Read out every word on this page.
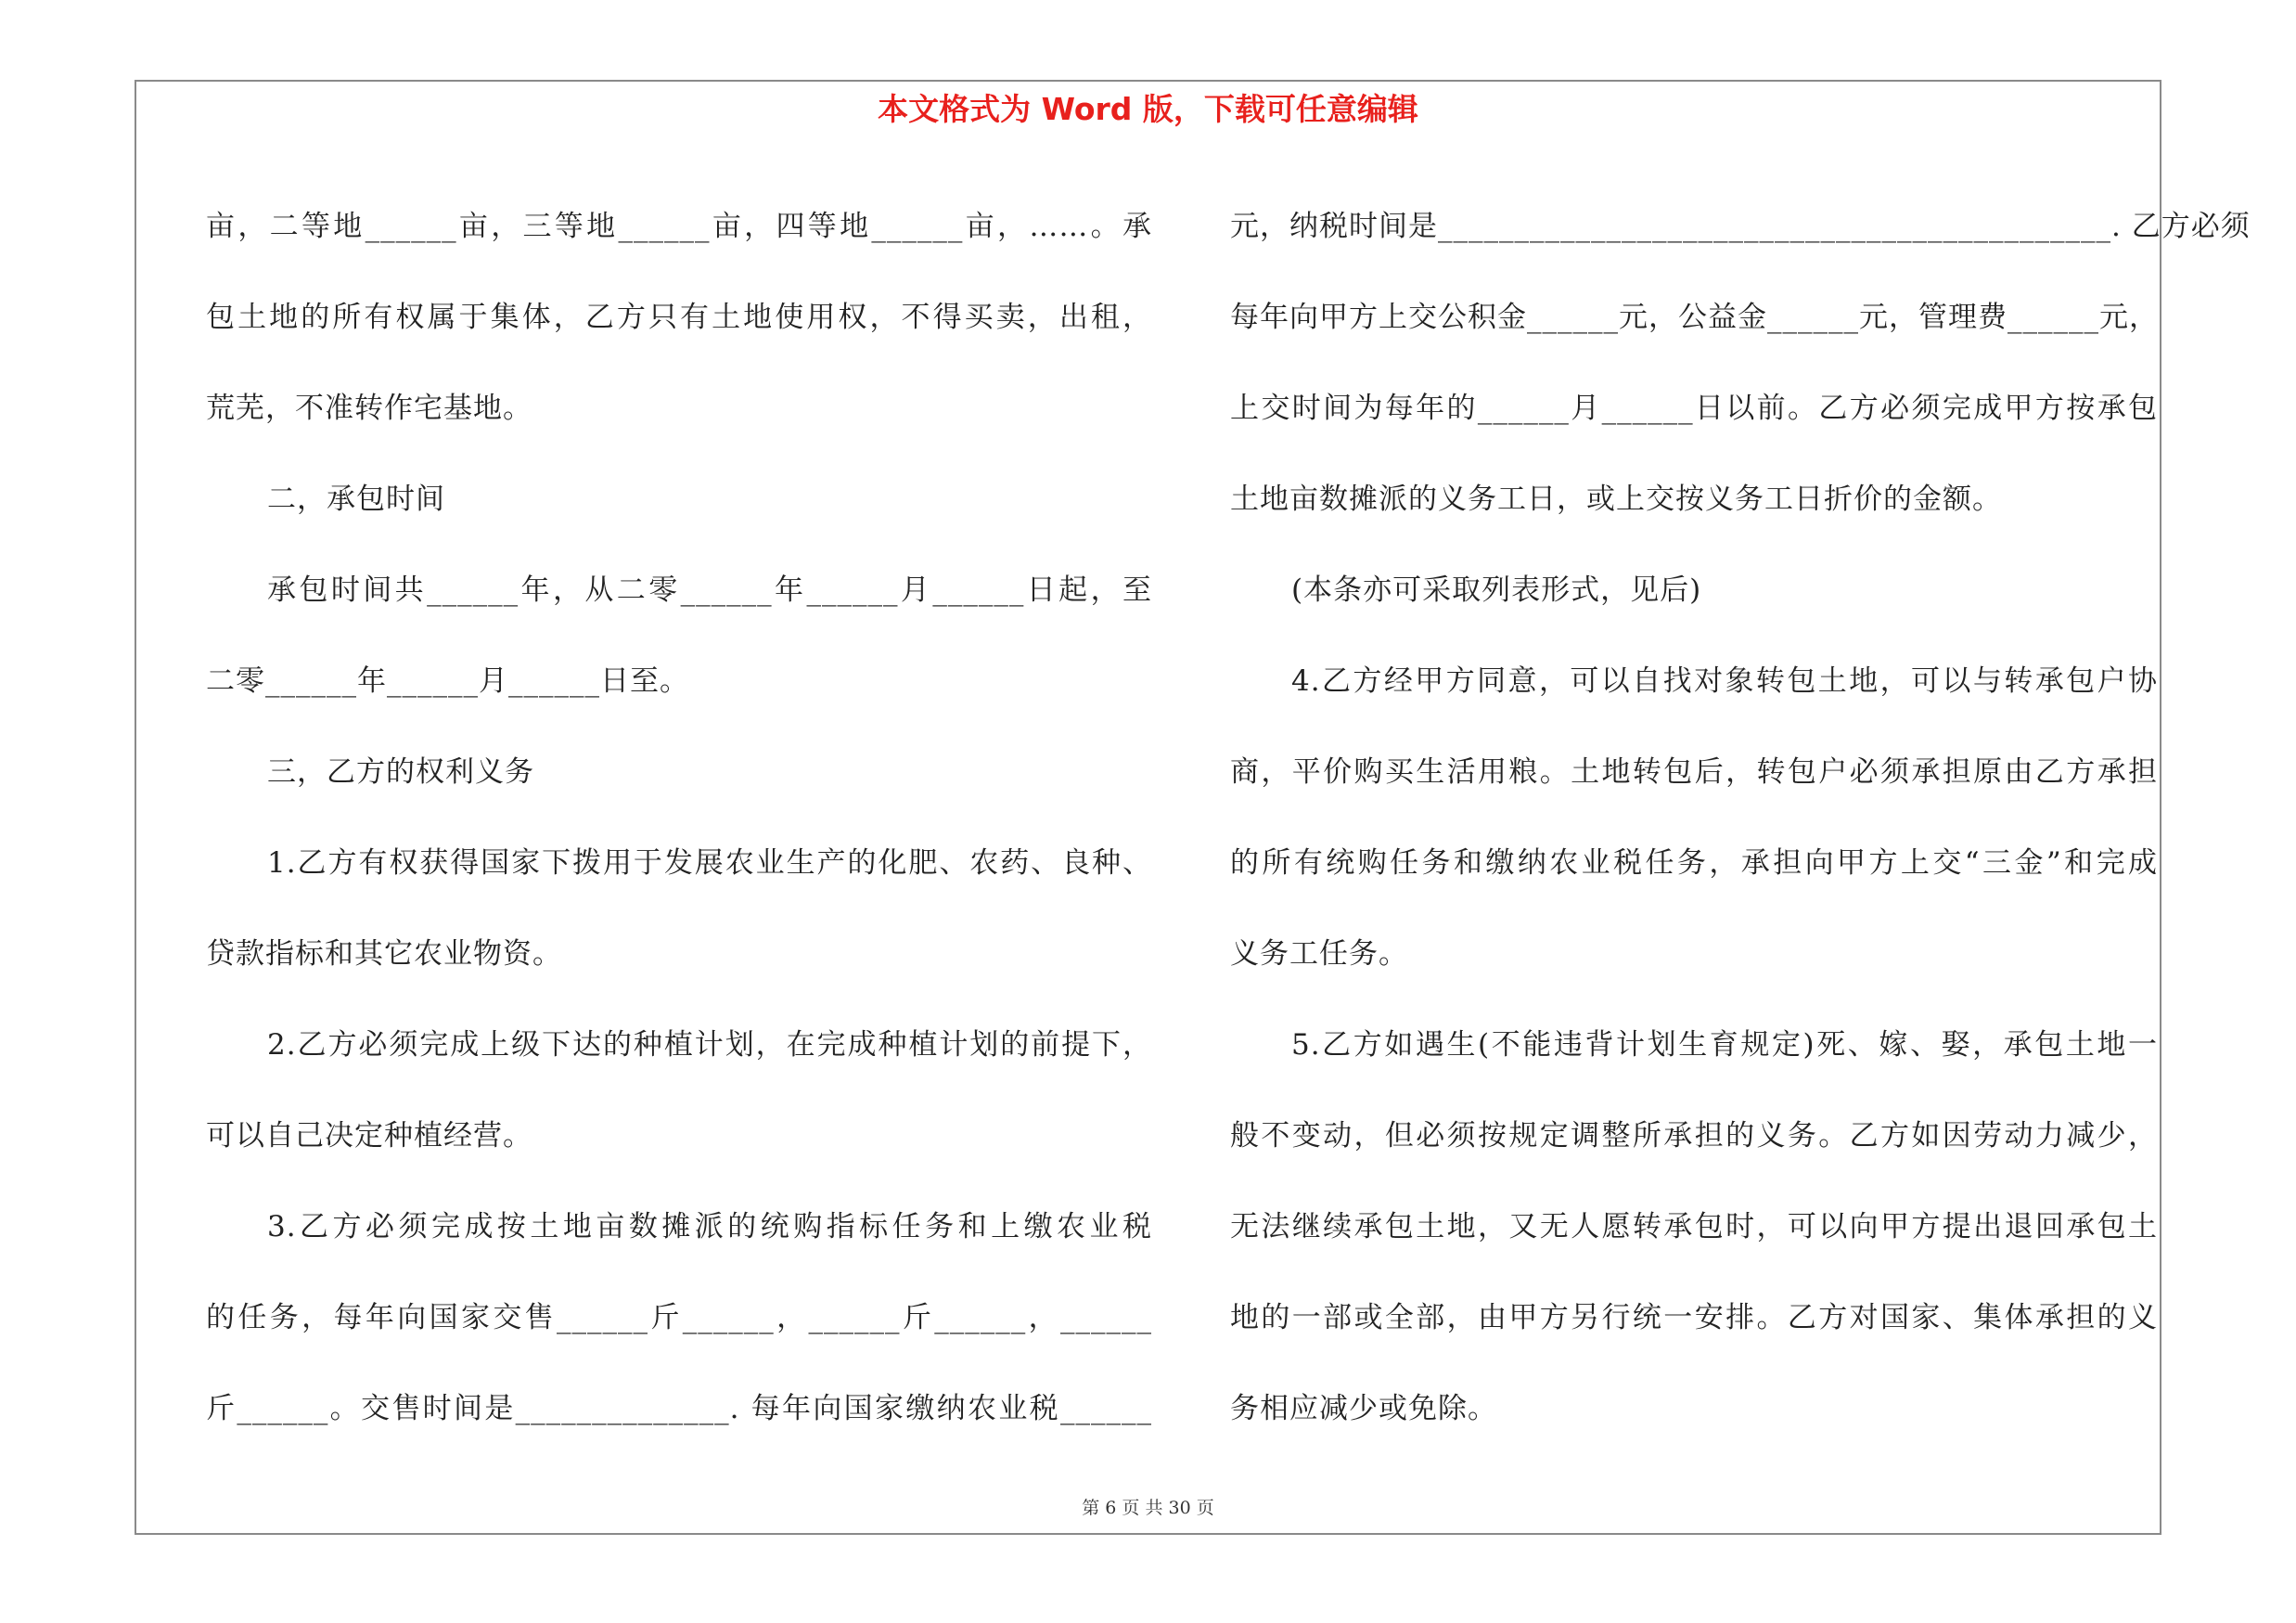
本文格式为 Word 版，下载可任意编辑
亩，二等地______亩，三等地______亩，四等地______亩，……。承
包土地的所有权属于集体，乙方只有土地使用权，不得买卖，出租，
荒芜，不准转作宅基地。
二，承包时间
承包时间共______年，从二零______年______月______日起，至
二零______年______月______日至。
三，乙方的权利义务
1.乙方有权获得国家下拨用于发展农业生产的化肥、农药、良种、
贷款指标和其它农业物资。
2.乙方必须完成上级下达的种植计划，在完成种植计划的前提下，
可以自己决定种植经营。
3.乙方必须完成按土地亩数摊派的统购指标任务和上缴农业税
的任务，每年向国家交售______斤______，______斤______，______
斤______。交售时间是______________. 每年向国家缴纳农业税______
元，纳税时间是____________________________________________. 乙方必须
每年向甲方上交公积金______元，公益金______元，管理费______元，
上交时间为每年的______月______日以前。乙方必须完成甲方按承包
土地亩数摊派的义务工日，或上交按义务工日折价的金额。
(本条亦可采取列表形式，见后)
4.乙方经甲方同意，可以自找对象转包土地，可以与转承包户协
商，平价购买生活用粮。土地转包后，转包户必须承担原由乙方承担
的所有统购任务和缴纳农业税任务，承担向甲方上交“三金”和完成
义务工任务。
5.乙方如遇生(不能违背计划生育规定)死、嫁、娶，承包土地一
般不变动，但必须按规定调整所承担的义务。乙方如因劳动力减少，
无法继续承包土地，又无人愿转承包时，可以向甲方提出退回承包土
地的一部或全部，由甲方另行统一安排。乙方对国家、集体承担的义
务相应减少或免除。
第 6 页 共 30 页
